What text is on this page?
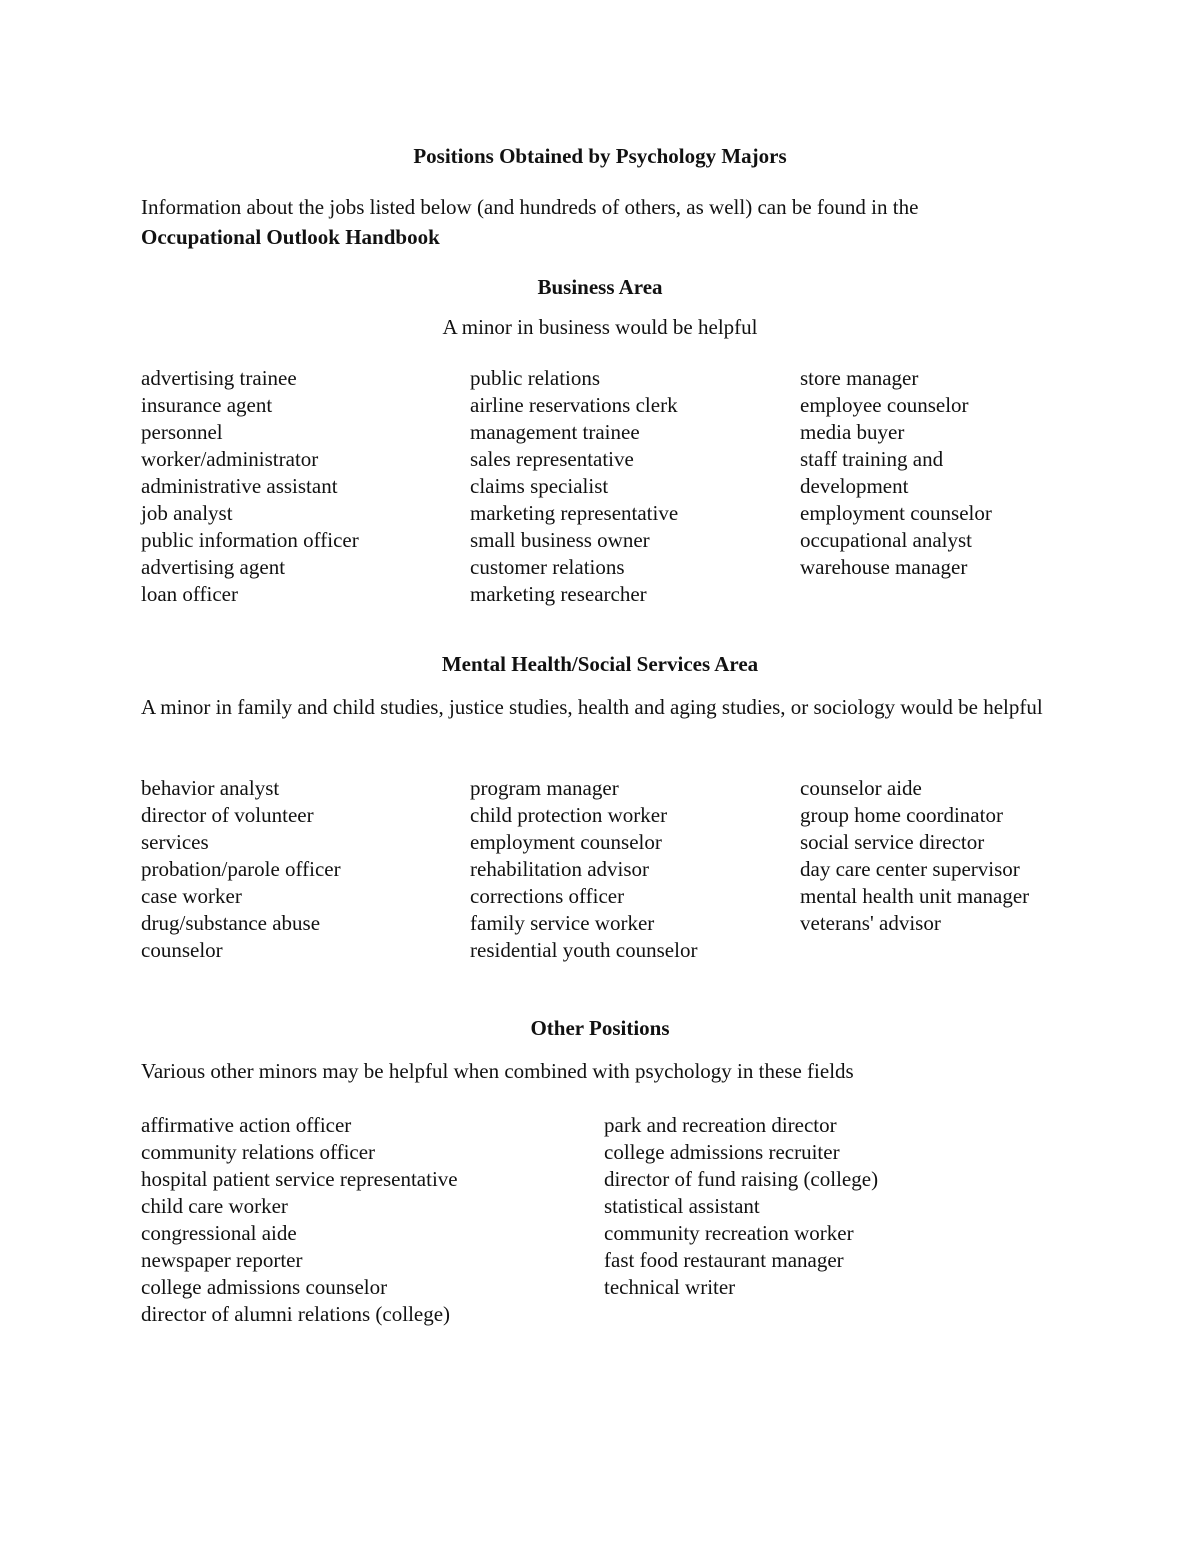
Positions Obtained by Psychology Majors
Information about the jobs listed below (and hundreds of others, as well) can be found in the
Occupational Outlook Handbook
Business Area
A minor in business would be helpful
advertising trainee
insurance agent
personnel
worker/administrator
administrative assistant
job analyst
public information officer
advertising agent
loan officer
public relations
airline reservations clerk
management trainee
sales representative
claims specialist
marketing representative
small business owner
customer relations
marketing researcher
store manager
employee counselor
media buyer
staff training and
development
employment counselor
occupational analyst
warehouse manager
Mental Health/Social Services Area
A minor in family and child studies, justice studies, health and aging studies, or sociology would be helpful
behavior analyst
director of volunteer
services
probation/parole officer
case worker
drug/substance abuse
counselor
program manager
child protection worker
employment counselor
rehabilitation advisor
corrections officer
family service worker
residential youth counselor
counselor aide
group home coordinator
social service director
day care center supervisor
mental health unit manager
veterans' advisor
Other Positions
Various other minors may be helpful when combined with psychology in these fields
affirmative action officer
community relations officer
hospital patient service representative
child care worker
congressional aide
newspaper reporter
college admissions counselor
director of alumni relations (college)
park and recreation director
college admissions recruiter
director of fund raising (college)
statistical assistant
community recreation worker
fast food restaurant manager
technical writer
